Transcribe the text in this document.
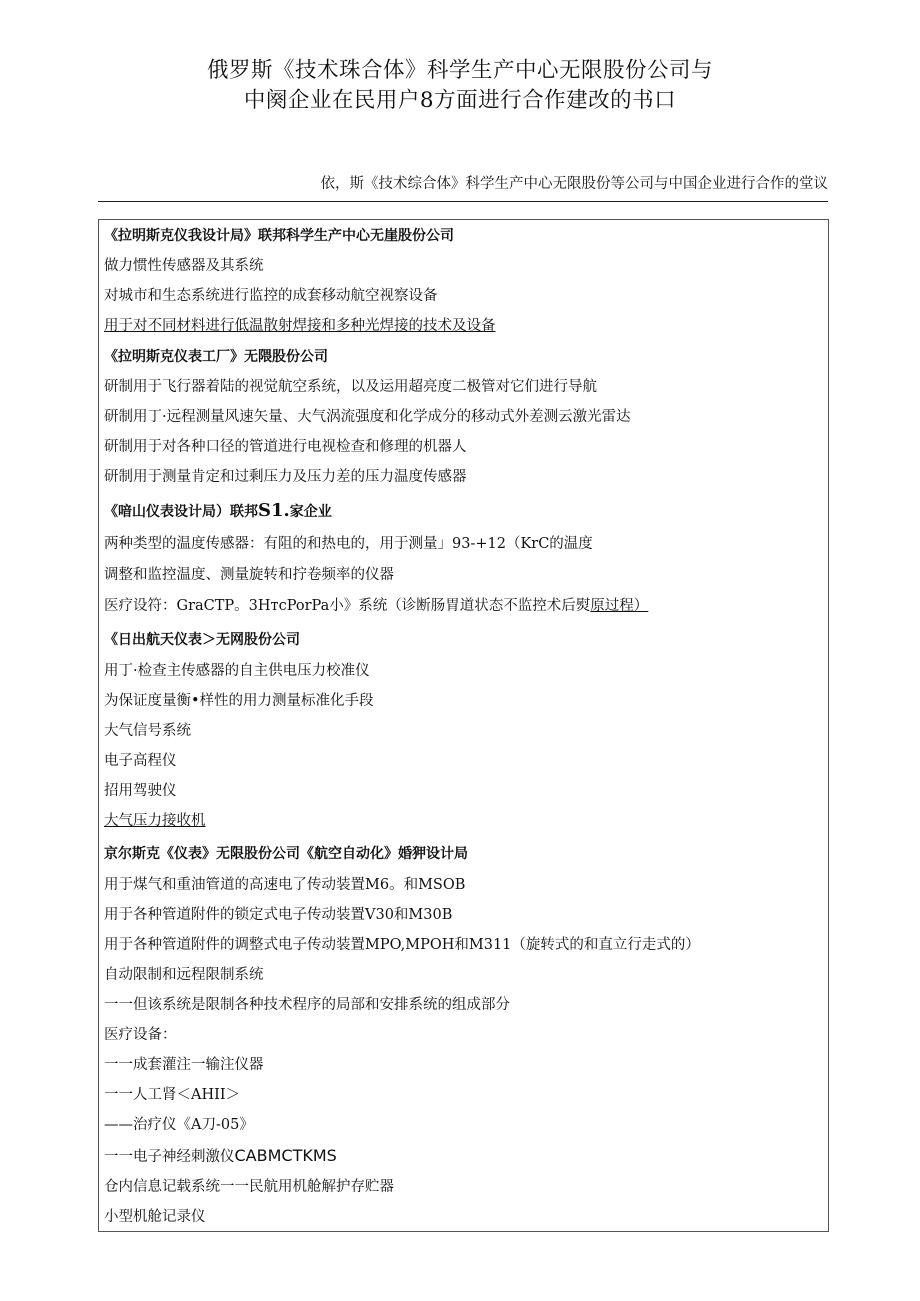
俄罗斯《技术珠合体》科学生产中心无限股份公司与
中阕企业在民用户8方面进行合作建改的书口
依，斯《技术综合体》科学生产中心无限股份等公司与中国企业进行合作的堂议
《拉明斯克仪我设计局》联邦科学生产中心无崖股份公司
做力惯性传感器及其系统
对城市和生态系统进行监控的成套移动航空视察设备
用于对不同材料进行低温散射焊接和多种光焊接的技术及设备
《拉明斯克仪表工厂》无隈股份公司
研制用于飞行器着陆的视觉航空系统，以及运用超亮度二极管对它们进行导航
研制用丁·远程测量风速矢量、大气涡流强度和化学成分的移动式外差测云激光雷达
研制用于对各种口径的管道进行电视检查和修理的机器人
研制用于测量肯定和过剩压力及压力差的压力温度传感器
《喑山仪表设计局）联邦S1.家企业
两种类型的温度传感器：有阻的和热电的，用于测量」93-+12（KrC的温度
调整和监控温度、测量旋转和拧卷频率的仪器
医疗设符：GraCTP。3HтcPorPa小》系统（诊断肠胃道状态不监控术后熨原过程）
《日出航天仪表＞无网股份公司
用丁·检查主传感器的自主供电压力校准仪
为保证度量衡•样性的用力测量标准化手段
大气信号系统
电子高程仪
招用驾驶仪
大气压力接收机
京尔斯克《仪表》无限股份公司《航空自动化》婚狎设计局
用于煤气和重油管道的高速电了传动装置M6。和MSOB
用于各种管道附件的锁定式电子传动装置V30和M30B
用于各种管道附件的调整式电子传动装置MPO,MPOH和M311（旋转式的和直立行走式的）
自动限制和远程限制系统
一一但该系统是限制各种技术程序的局部和安排系统的组成部分
医疗设备：
一一成套灌注一输注仪器
一一人工肾＜AHII＞
——治疗仪《A刀-05》
一一电子神经刺激仪CABMCTKMS
仓内信息记载系统一一民航用机舱解护存贮器
小型机舱记录仪
